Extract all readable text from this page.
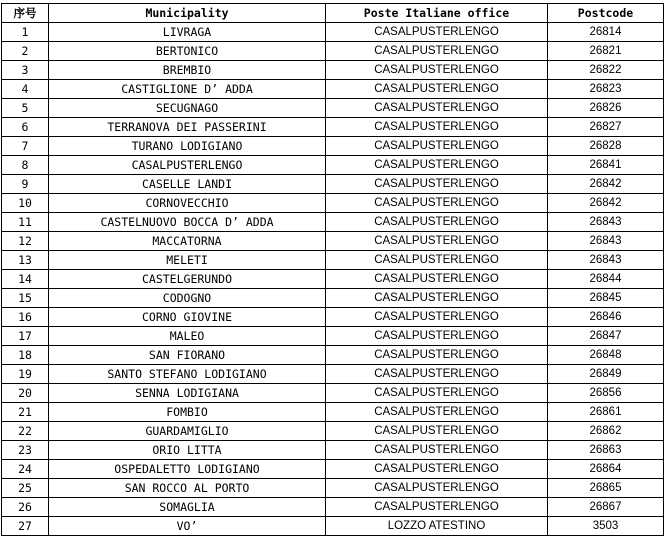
序号	Municipality	Poste Italiane office	Postcode
1	LIVRAGA	CASALPUSTERLENGO	26814
2	BERTONICO	CASALPUSTERLENGO	26821
3	BREMBIO	CASALPUSTERLENGO	26822
4	CASTIGLIONE D’ ADDA	CASALPUSTERLENGO	26823
5	SECUGNAGO	CASALPUSTERLENGO	26826
6	TERRANOVA DEI PASSERINI	CASALPUSTERLENGO	26827
7	TURANO LODIGIANO	CASALPUSTERLENGO	26828
8	CASALPUSTERLENGO	CASALPUSTERLENGO	26841
9	CASELLE LANDI	CASALPUSTERLENGO	26842
10	CORNOVECCHIO	CASALPUSTERLENGO	26842
11	CASTELNUOVO BOCCA D’ ADDA	CASALPUSTERLENGO	26843
12	MACCATORNA	CASALPUSTERLENGO	26843
13	MELETI	CASALPUSTERLENGO	26843
14	CASTELGERUNDO	CASALPUSTERLENGO	26844
15	CODOGNO	CASALPUSTERLENGO	26845
16	CORNO GIOVINE	CASALPUSTERLENGO	26846
17	MALEO	CASALPUSTERLENGO	26847
18	SAN FIORANO	CASALPUSTERLENGO	26848
19	SANTO STEFANO LODIGIANO	CASALPUSTERLENGO	26849
20	SENNA LODIGIANA	CASALPUSTERLENGO	26856
21	FOMBIO	CASALPUSTERLENGO	26861
22	GUARDAMIGLIO	CASALPUSTERLENGO	26862
23	ORIO LITTA	CASALPUSTERLENGO	26863
24	OSPEDALETTO LODIGIANO	CASALPUSTERLENGO	26864
25	SAN ROCCO AL PORTO	CASALPUSTERLENGO	26865
26	SOMAGLIA	CASALPUSTERLENGO	26867
27	VO’	LOZZO ATESTINO	3503
